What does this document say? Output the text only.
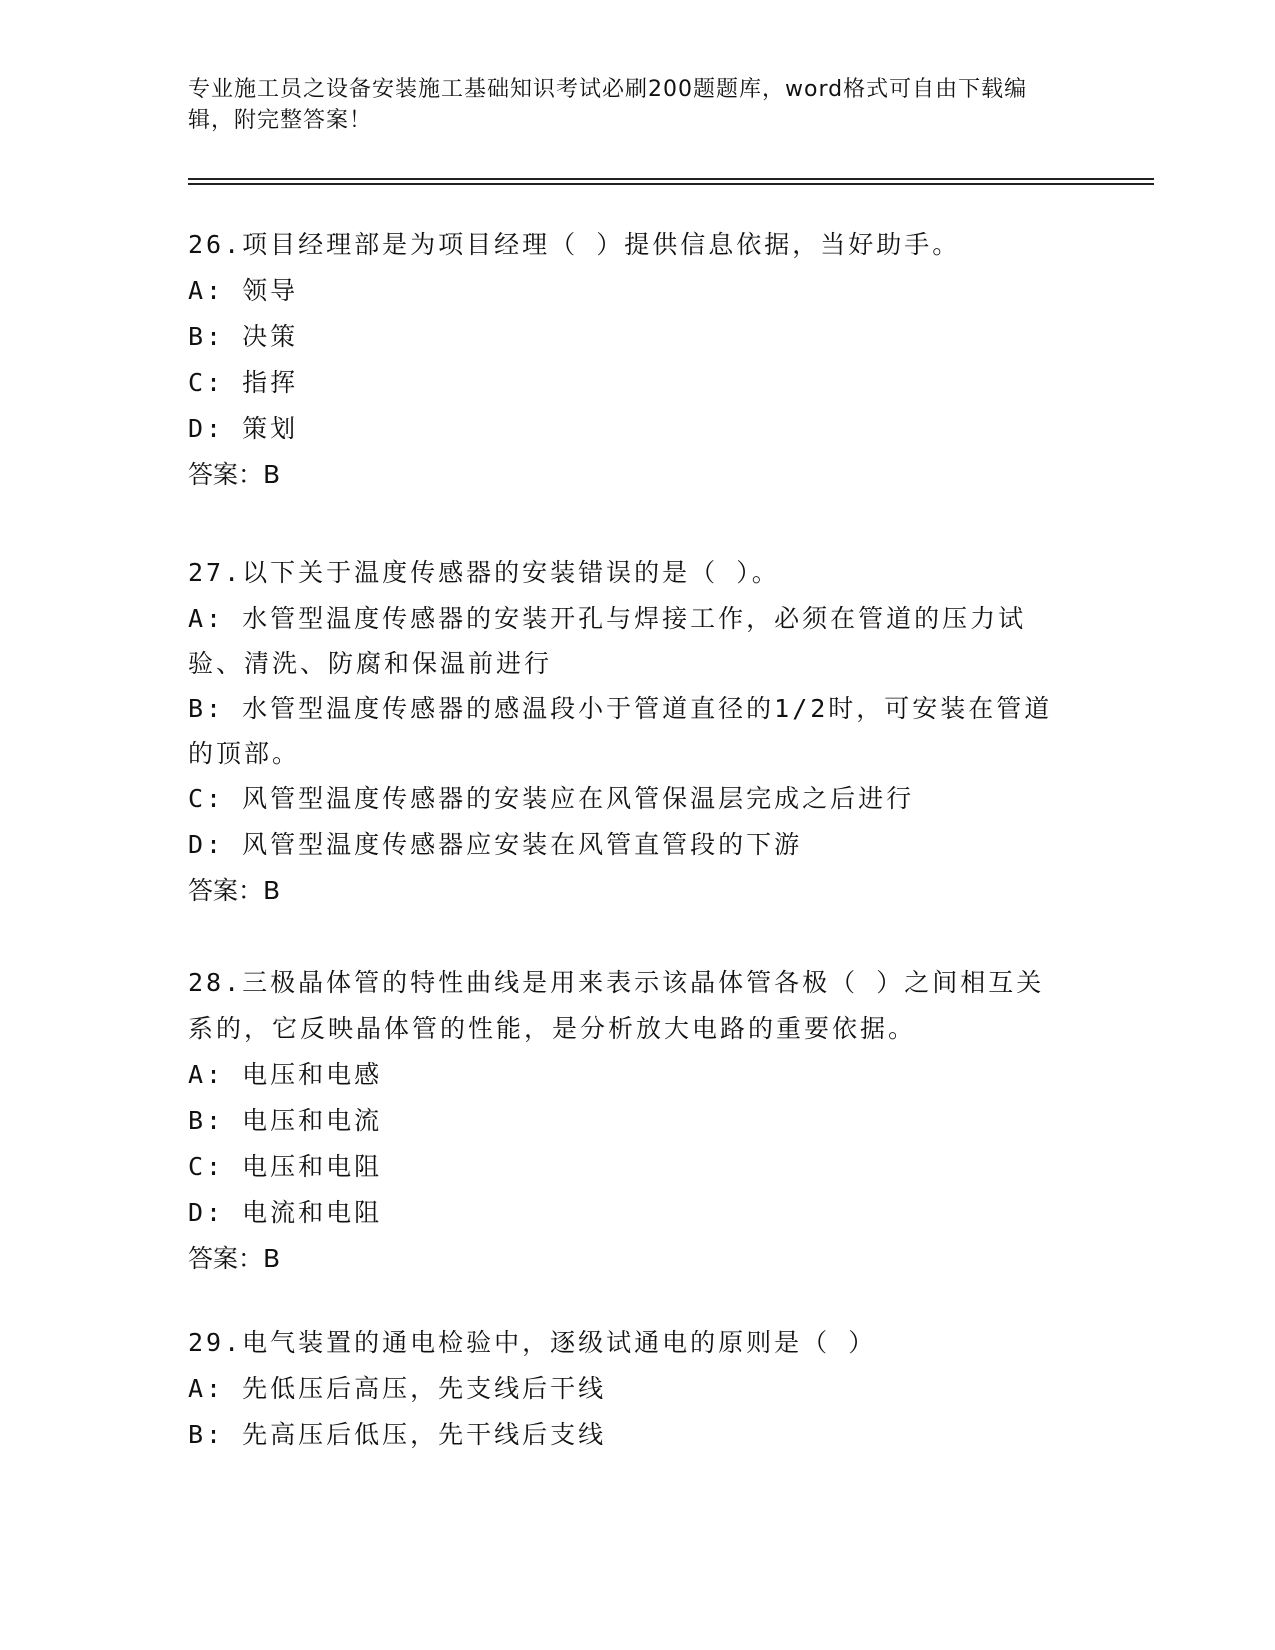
专业施工员之设备安装施工基础知识考试必刷200题题库，word格式可自由下载编辑，附完整答案！

26.项目经理部是为项目经理（ ）提供信息依据，当好助手。

A: 领导

B: 决策

C: 指挥

D: 策划

答案：B

27.以下关于温度传感器的安装错误的是（ ）。

A: 水管型温度传感器的安装开孔与焊接工作，必须在管道的压力试验、清洗、防腐和保温前进行

B: 水管型温度传感器的感温段小于管道直径的1/2时，可安装在管道的顶部。

C: 风管型温度传感器的安装应在风管保温层完成之后进行

D: 风管型温度传感器应安装在风管直管段的下游

答案：B

28.三极晶体管的特性曲线是用来表示该晶体管各极（ ）之间相互关系的，它反映晶体管的性能，是分析放大电路的重要依据。

A: 电压和电感

B: 电压和电流

C: 电压和电阻

D: 电流和电阻

答案：B

29.电气装置的通电检验中，逐级试通电的原则是（ ）

A: 先低压后高压，先支线后干线

B: 先高压后低压，先干线后支线
